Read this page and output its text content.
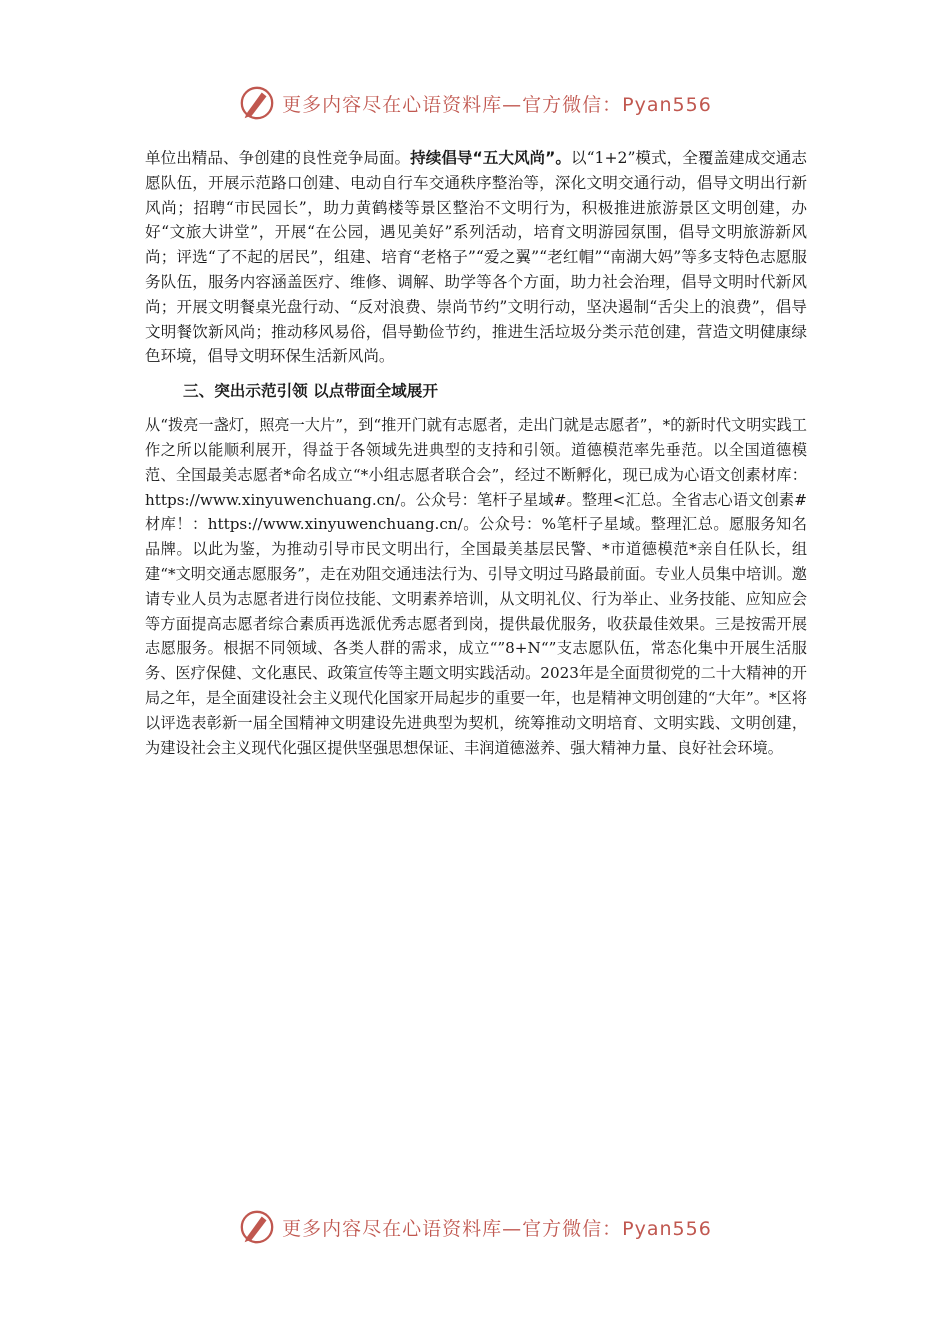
更多内容尽在心语资料库—官方微信：Pyan556

单位出精品、争创建的良性竞争局面。持续倡导“五大风尚”。以“1+2”模式，全覆盖建成交通志愿队伍，开展示范路口创建、电动自行车交通秩序整治等，深化文明交通行动，倡导文明出行新风尚；招聘“市民园长”，助力黄鹤楼等景区整治不文明行为，积极推进旅游景区文明创建，办好“文旅大讲堂”，开展“在公园，遇见美好”系列活动，培育文明游园氛围，倡导文明旅游新风尚；评选“了不起的居民”，组建、培育“老格子”“爱之翼”“老红帽”“南湖大妈”等多支特色志愿服务队伍，服务内容涵盖医疗、维修、调解、助学等各个方面，助力社会治理，倡导文明时代新风尚；开展文明餐桌光盘行动、“反对浪费、崇尚节约”文明行动，坚决遏制“舌尖上的浪费”，倡导文明餐饮新风尚；推动移风易俗，倡导勤俭节约，推进生活垃圾分类示范创建，营造文明健康绿色环境，倡导文明环保生活新风尚。

三、突出示范引领 以点带面全域展开

从“拨亮一盏灯，照亮一大片”，到“推开门就有志愿者，走出门就是志愿者”，*的新时代文明实践工作之所以能顺利展开，得益于各领域先进典型的支持和引领。道德模范率先垂范。以全国道德模范、全国最美志愿者*命名成立“*小组志愿者联合会”，经过不断孵化，现已成为心语文创素材库：https://www.xinyuwenchuang.cn/。公众号：笔杆子星域#。整理<汇总。全省志心语文创素#材库！：https://www.xinyuwenchuang.cn/。公众号：%笔杆子星域。整理汇总。愿服务知名品牌。以此为鉴，为推动引导市民文明出行，全国最美基层民警、*市道德模范*亲自任队长，组建“*文明交通志愿服务”，走在劝阻交通违法行为、引导文明过马路最前面。专业人员集中培训。邀请专业人员为志愿者进行岗位技能、文明素养培训，从文明礼仪、行为举止、业务技能、应知应会等方面提高志愿者综合素质再选派优秀志愿者到岗，提供最优服务，收获最佳效果。三是按需开展志愿服务。根据不同领域、各类人群的需求，成立“”8+N“”支志愿队伍，常态化集中开展生活服务、医疗保健、文化惠民、政策宣传等主题文明实践活动。2023年是全面贯彻党的二十大精神的开局之年，是全面建设社会主义现代化国家开局起步的重要一年，也是精神文明创建的“大年”。*区将以评选表彰新一届全国精神文明建设先进典型为契机，统筹推动文明培育、文明实践、文明创建，为建设社会主义现代化强区提供坚强思想保证、丰润道德滋养、强大精神力量、良好社会环境。

更多内容尽在心语资料库—官方微信：Pyan556
